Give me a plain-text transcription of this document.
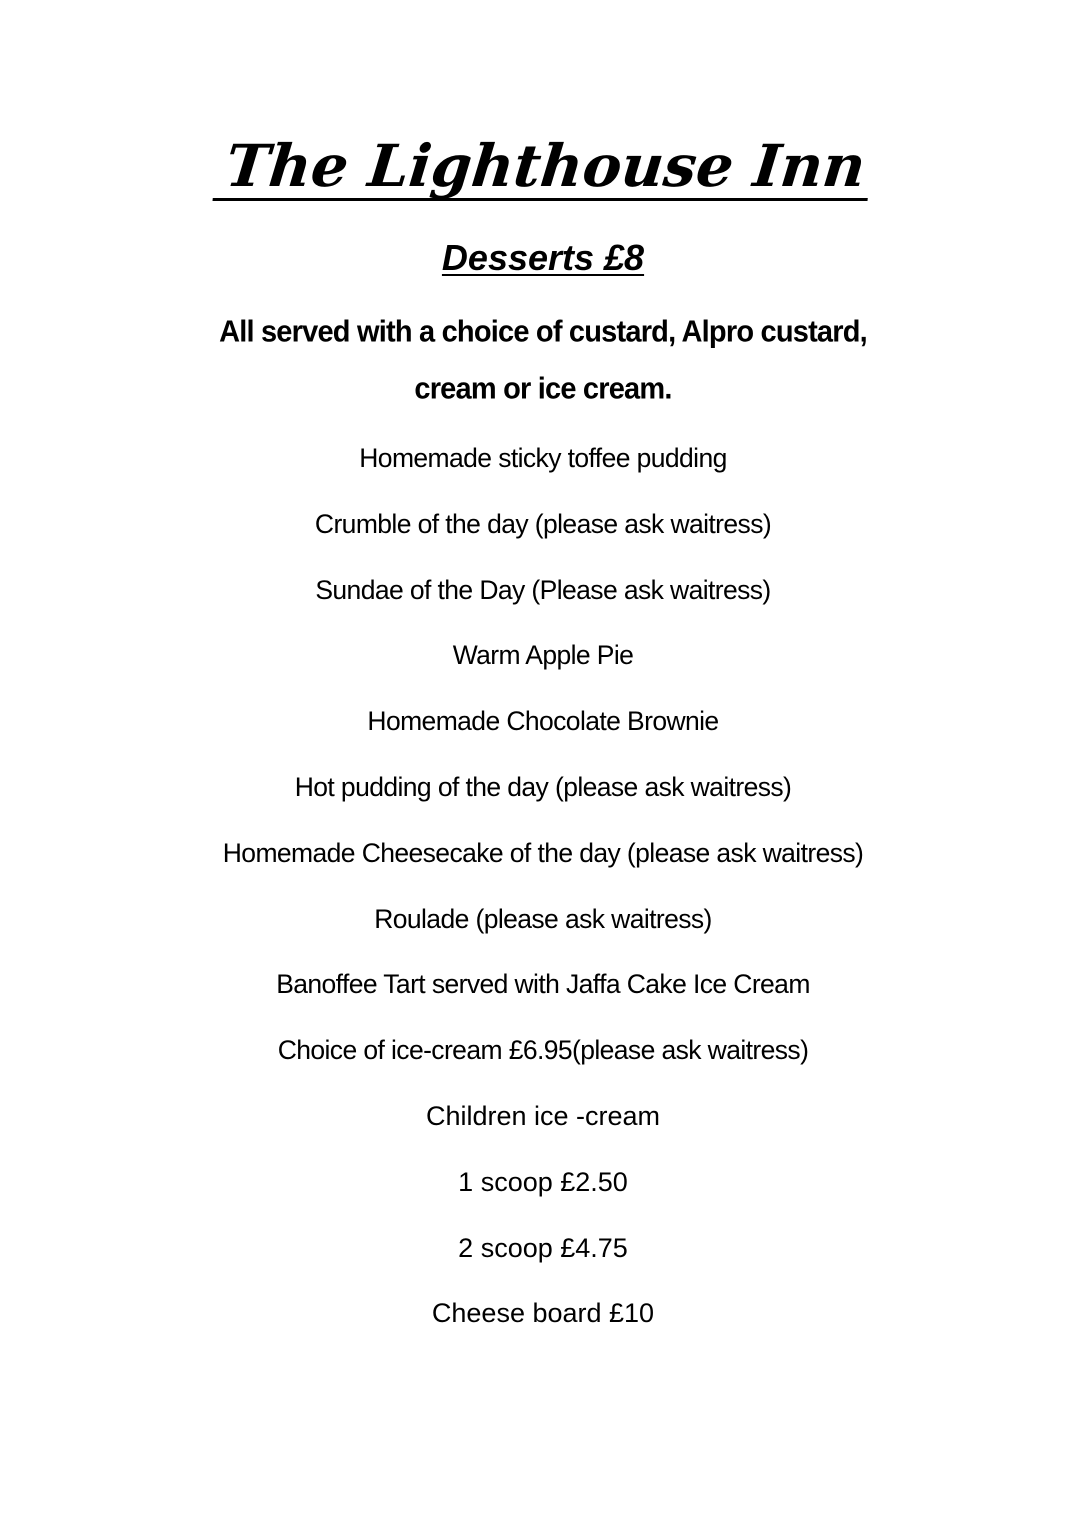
The Lighthouse Inn
Desserts £8
All served with a choice of custard, Alpro custard,
cream or ice cream.
Homemade sticky toffee pudding
Crumble of the day (please ask waitress)
Sundae of the Day (Please ask waitress)
Warm Apple Pie
Homemade Chocolate Brownie
Hot pudding of the day (please ask waitress)
Homemade Cheesecake of the day (please ask waitress)
Roulade (please ask waitress)
Banoffee Tart served with Jaffa Cake Ice Cream
Choice of ice-cream £6.95(please ask waitress)
Children ice -cream
1 scoop £2.50
2 scoop £4.75
Cheese board £10
